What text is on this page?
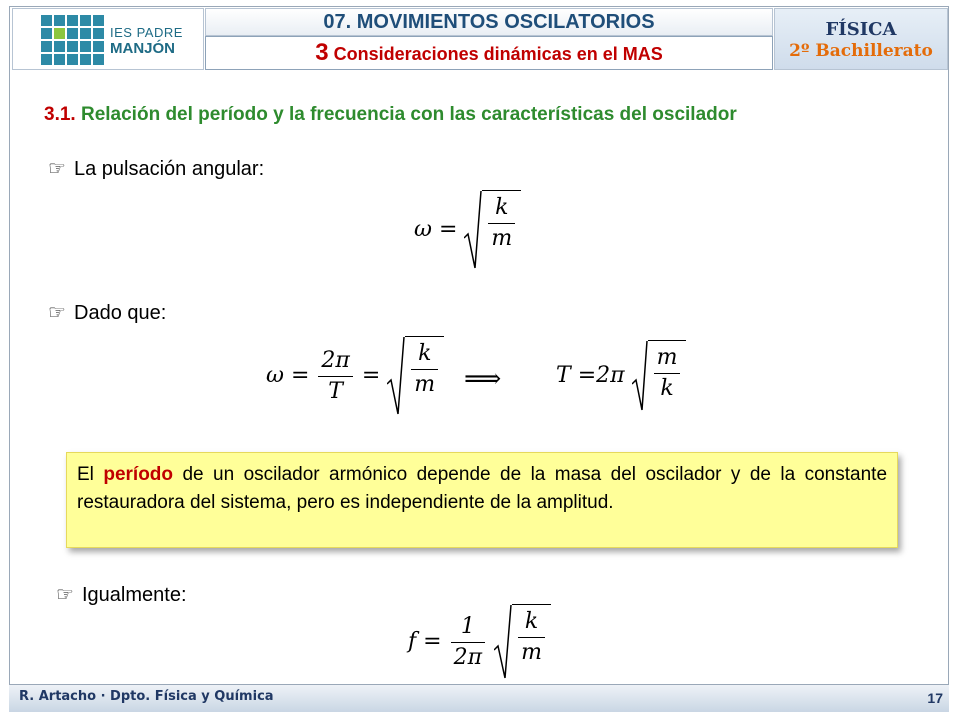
IES PADRE
MANJÓN
07. MOVIMIENTOS OSCILATORIOS
3 Consideraciones dinámicas en el MAS
FÍSICA
2º Bachillerato
3.1. Relación del período y la frecuencia con las características del oscilador
☞ La pulsación angular:
$\omega = \frac{k}{m}$
☞ Dado que:
$\omega = \frac{2\pi}{T} = \frac{k}{m}$ ⟹ $T =2\pi \frac{m}{k}$
El período de un oscilador armónico depende de la masa del oscilador y de la constante restauradora del sistema, pero es independiente de la amplitud.
☞ Igualmente:
$f = \frac{1}{2\pi}$
$\frac{k}{m}$
R. Artacho · Dpto. Física y Química	17
